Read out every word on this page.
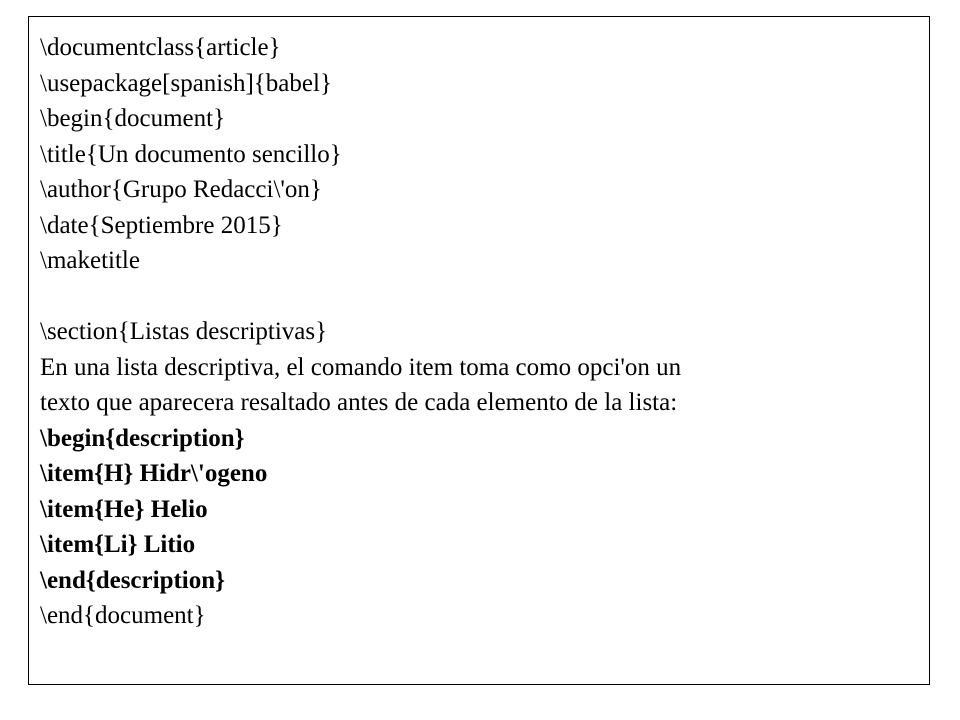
\documentclass{article}
\usepackage[spanish]{babel}
\begin{document}
\title{Un documento sencillo}
\author{Grupo Redacci\'on}
\date{Septiembre 2015}
\maketitle
\section{Listas descriptivas}
En una lista descriptiva, el comando item toma como opci'on un
texto que aparecera resaltado antes de cada elemento de la lista:
\begin{description}
\item{H} Hidr\'ogeno
\item{He} Helio
\item{Li} Litio
\end{description}
\end{document}
